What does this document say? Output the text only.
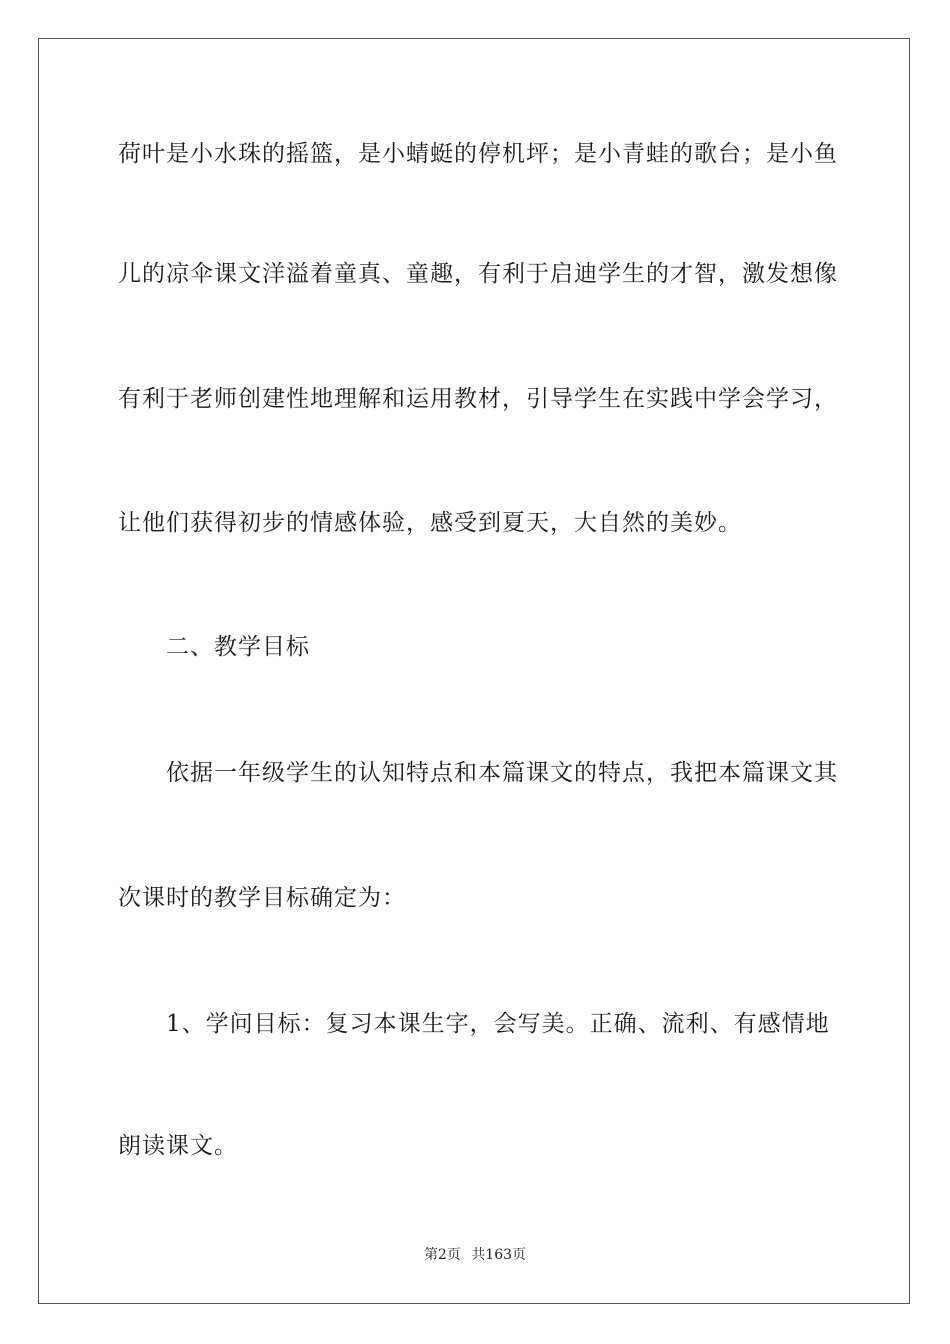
荷叶是小水珠的摇篮，是小蜻蜓的停机坪；是小青蛙的歌台；是小鱼
儿的凉伞课文洋溢着童真、童趣，有利于启迪学生的才智，激发想像
有利于老师创建性地理解和运用教材，引导学生在实践中学会学习，
让他们获得初步的情感体验，感受到夏天，大自然的美妙。
二、教学目标
依据一年级学生的认知特点和本篇课文的特点，我把本篇课文其
次课时的教学目标确定为：
1、学问目标：复习本课生字，会写美。正确、流利、有感情地
朗读课文。
第2页 共163页
